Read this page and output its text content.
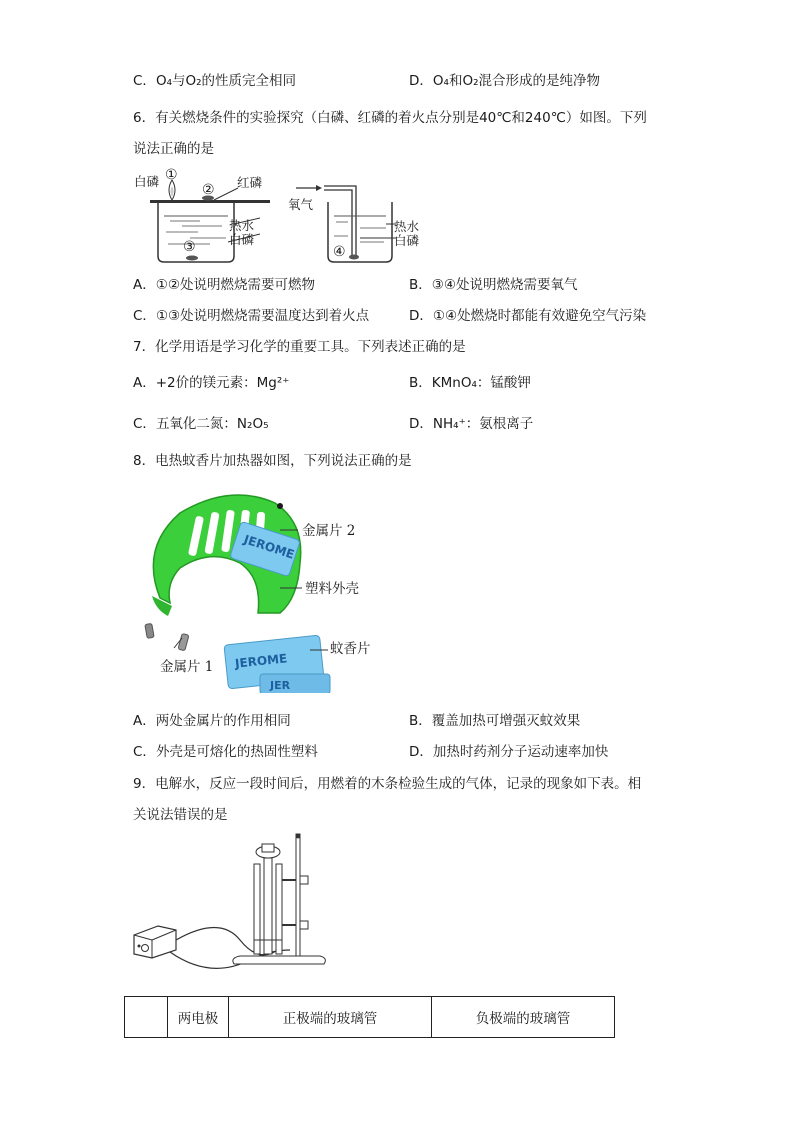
C．O₄与O₂的性质完全相同	D．O₄和O₂混合形成的是纯净物
6．有关燃烧条件的实验探究（白磷、红磷的着火点分别是40℃和240℃）如图。下列
说法正确的是
白磷 ①
② 红磷
热水
白磷
③
氧气
热水
白磷
④
A．①②处说明燃烧需要可燃物	B．③④处说明燃烧需要氧气
C．①③处说明燃烧需要温度达到着火点	D．①④处燃烧时都能有效避免空气污染
7．化学用语是学习化学的重要工具。下列表述正确的是
A．+2价的镁元素：Mg²⁺	B．KMnO₄：锰酸钾
C．五氧化二氮：N₂O₅	D．NH₄⁺：氨根离子
8．电热蚊香片加热器如图，下列说法正确的是
JEROME
JEROME
JER
金属片 2
塑料外壳
蚊香片
金属片 1
A．两处金属片的作用相同	B．覆盖加热可增强灭蚊效果
C．外壳是可熔化的热固性塑料	D．加热时药剂分子运动速率加快
9．电解水，反应一段时间后，用燃着的木条检验生成的气体，记录的现象如下表。相
关说法错误的是
	两电极	正极端的玻璃管	负极端的玻璃管
